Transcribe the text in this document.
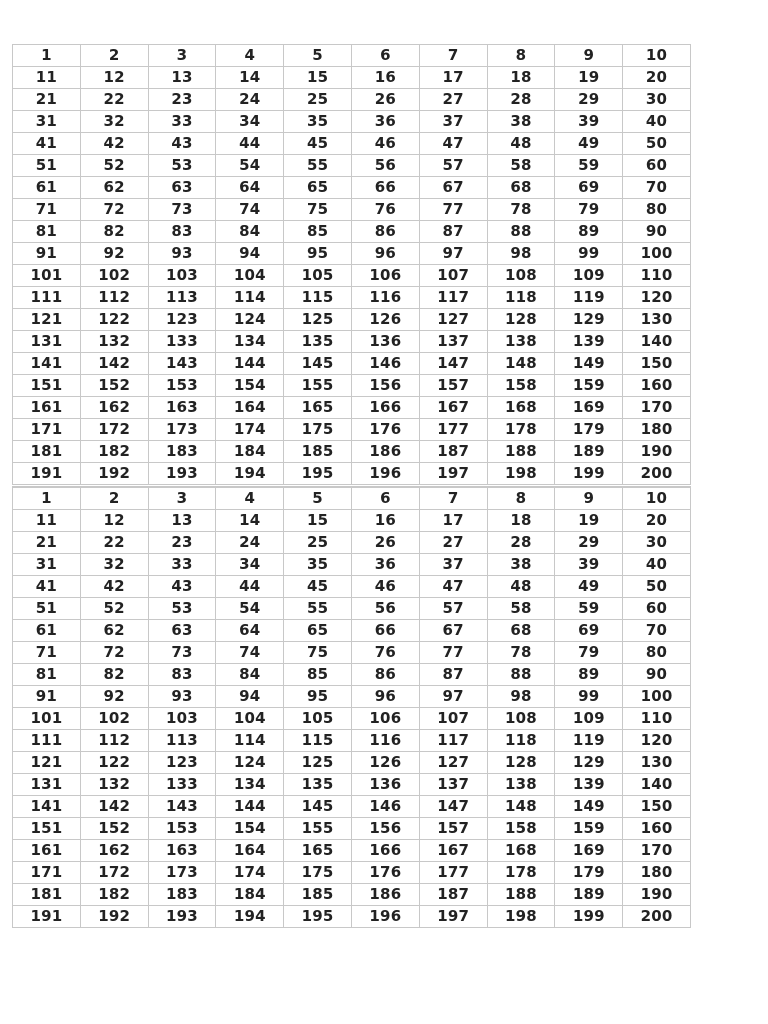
1	2	3	4	5	6	7	8	9	10
11	12	13	14	15	16	17	18	19	20
21	22	23	24	25	26	27	28	29	30
31	32	33	34	35	36	37	38	39	40
41	42	43	44	45	46	47	48	49	50
51	52	53	54	55	56	57	58	59	60
61	62	63	64	65	66	67	68	69	70
71	72	73	74	75	76	77	78	79	80
81	82	83	84	85	86	87	88	89	90
91	92	93	94	95	96	97	98	99	100
101	102	103	104	105	106	107	108	109	110
111	112	113	114	115	116	117	118	119	120
121	122	123	124	125	126	127	128	129	130
131	132	133	134	135	136	137	138	139	140
141	142	143	144	145	146	147	148	149	150
151	152	153	154	155	156	157	158	159	160
161	162	163	164	165	166	167	168	169	170
171	172	173	174	175	176	177	178	179	180
181	182	183	184	185	186	187	188	189	190
191	192	193	194	195	196	197	198	199	200
1	2	3	4	5	6	7	8	9	10
11	12	13	14	15	16	17	18	19	20
21	22	23	24	25	26	27	28	29	30
31	32	33	34	35	36	37	38	39	40
41	42	43	44	45	46	47	48	49	50
51	52	53	54	55	56	57	58	59	60
61	62	63	64	65	66	67	68	69	70
71	72	73	74	75	76	77	78	79	80
81	82	83	84	85	86	87	88	89	90
91	92	93	94	95	96	97	98	99	100
101	102	103	104	105	106	107	108	109	110
111	112	113	114	115	116	117	118	119	120
121	122	123	124	125	126	127	128	129	130
131	132	133	134	135	136	137	138	139	140
141	142	143	144	145	146	147	148	149	150
151	152	153	154	155	156	157	158	159	160
161	162	163	164	165	166	167	168	169	170
171	172	173	174	175	176	177	178	179	180
181	182	183	184	185	186	187	188	189	190
191	192	193	194	195	196	197	198	199	200
